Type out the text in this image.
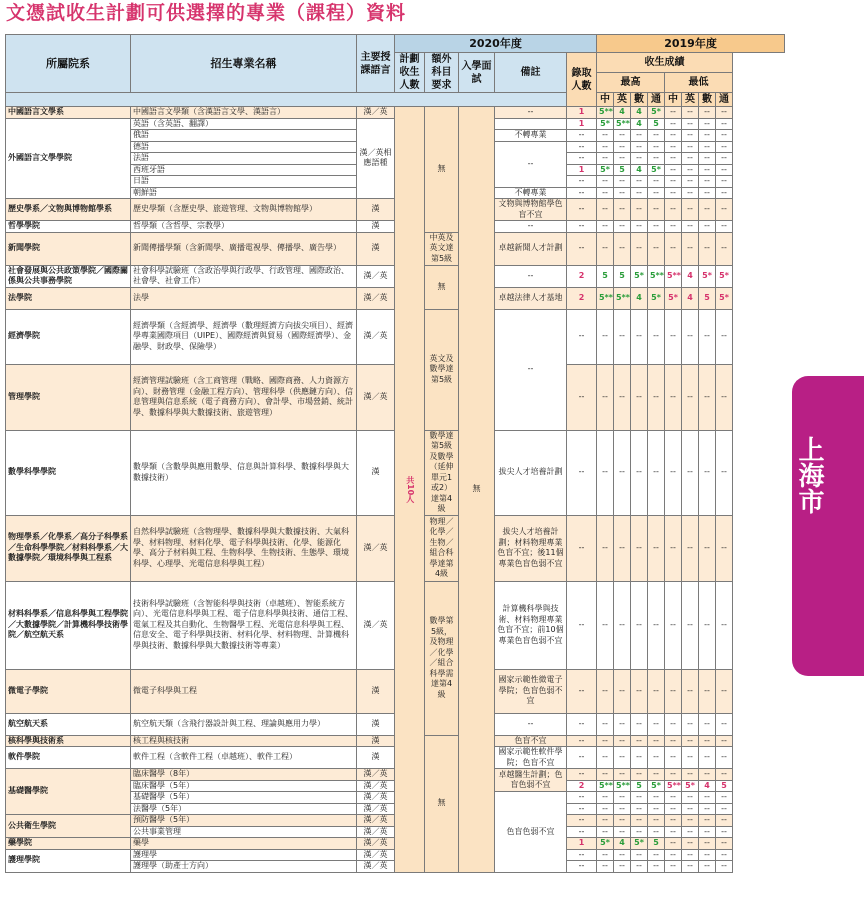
文憑試收生計劃可供選擇的專業（課程）資料
所屬院系	招生專業名稱	主要授課語言	2020年度					2019年度							
			計劃收生人數	額外科目要求	入學面試	備註	錄取人數	收生成績							
								最高				最低			
								中	英	數	通	中	英	數	通
中國語言文學系	中國語言文學類（含漢語言文學、漢語言）	漢／英	共10人	無	無	--	1	5**	4	4	5*	--	--	--	--
外國語言文學學院	英語（含英語、翻譯）	漢／英相應語種					1	5*	5**	4	5	--	--	--	--
	俄語					不轉專業	--	--	--	--	--	--	--	--	--
	德語					--	--	--	--	--	--	--	--	--	--
	法語						--	--	--	--	--	--	--	--	--
	西班牙語						1	5*	5	4	5*	--	--	--	--
	日語						--	--	--	--	--	--	--	--	--
	朝鮮語					不轉專業	--	--	--	--	--	--	--	--	--
歷史學系／文物與博物館學系	歷史學類（含歷史學、旅遊管理、文物與博物館學）	漢				文物與博物館學色盲不宜	--	--	--	--	--	--	--	--	--
哲學學院	哲學類（含哲學、宗教學）	漢				--	--	--	--	--	--	--	--	--	--
新聞學院	新聞傳播學類（含新聞學、廣播電視學、傳播學、廣告學）	漢		中英及英文達第5級		卓越新聞人才計劃	--	--	--	--	--	--	--	--	--
社會發展與公共政策學院／國際關係與公共事務學院	社會科學試驗班（含政治學與行政學、行政管理、國際政治、社會學、社會工作）	漢／英		無		--	2	5	5	5*	5**	5**	4	5*	5*
法學院	法學	漢／英				卓越法律人才基地	2	5**	5**	4	5*	5*	4	5	5*
經濟學院	經濟學類（含經濟學、經濟學（數理經濟方向拔尖項目）、經濟學專業國際項目（UIPE）、國際經濟與貿易（國際經濟學）、金融學、財政學、保險學）	漢／英		英文及數學達第5級		--	--	--	--	--	--	--	--	--	--
管理學院	經濟管理試驗班（含工商管理（戰略、國際商務、人力資源方向）、財務管理（金融工程方向）、管理科學（供應鏈方向）、信息管理與信息系統（電子商務方向）、會計學、市場營銷、統計學、數據科學與大數據技術、旅遊管理）	漢／英					--	--	--	--	--	--	--	--	--
數學科學學院	數學類（含數學與應用數學、信息與計算科學、數據科學與大數據技術）	漢		數學達第5級及數學（延伸單元1或2）達第4級		拔尖人才培養計劃	--	--	--	--	--	--	--	--	--
物理學系／化學系／高分子科學系／生命科學學院／材料科學系／大數據學院／環境科學與工程系	自然科學試驗班（含物理學、數據科學與大數據技術、大氣科學、材料物理、材料化學、電子科學與技術、化學、能源化學、高分子材料與工程、生物科學、生物技術、生態學、環境科學、心理學、光電信息科學與工程）	漢／英		物理／化學／生物／組合科學達第4級		拔尖人才培養計劃；材料物理專業色盲不宜；後11個專業色盲色弱不宜	--	--	--	--	--	--	--	--	--
材料科學系／信息科學與工程學院／大數據學院／計算機科學技術學院／航空航天系	技術科學試驗班（含智能科學與技術（卓越班）、智能系統方向）、光電信息科學與工程、電子信息科學與技術、通信工程、電氣工程及其自動化、生物醫學工程、光電信息科學與工程、信息安全、電子科學與技術、材料化學、材料物理、計算機科學與技術、數據科學與大數據技術等專業）	漢／英		數學第5級，及物理／化學／組合科學需達第4級		計算機科學與技術、材料物理專業色盲不宜；前10個專業色盲色弱不宜	--	--	--	--	--	--	--	--	--
微電子學院	微電子科學與工程	漢				國家示範性微電子學院；色盲色弱不宜	--	--	--	--	--	--	--	--	--
航空航天系	航空航天類（含飛行器設計與工程、理論與應用力學）	漢				--	--	--	--	--	--	--	--	--	--
核科學與技術系	核工程與核技術	漢		無		色盲不宜	--	--	--	--	--	--	--	--	--
軟件學院	軟件工程（含軟件工程（卓越班）、軟件工程）	漢				國家示範性軟件學院；色盲不宜	--	--	--	--	--	--	--	--	--
基礎醫學院	臨床醫學（8年）	漢／英				卓越醫生計劃；色盲色弱不宜	--	--	--	--	--	--	--	--	--
	臨床醫學（5年）	漢／英					2	5**	5**	5	5*	5**	5*	4	5
	基礎醫學（5年）	漢／英				色盲色弱不宜	--	--	--	--	--	--	--	--	--
	法醫學（5年）	漢／英					--	--	--	--	--	--	--	--	--
公共衛生學院	預防醫學（5年）	漢／英					--	--	--	--	--	--	--	--	--
	公共事業管理	漢／英					--	--	--	--	--	--	--	--	--
藥學院	藥學	漢／英					1	5*	4	5*	5	--	--	--	--
護理學院	護理學	漢／英					--	--	--	--	--	--	--	--	--
	護理學（助產士方向）	漢／英					--	--	--	--	--	--	--	--	--
上海市
